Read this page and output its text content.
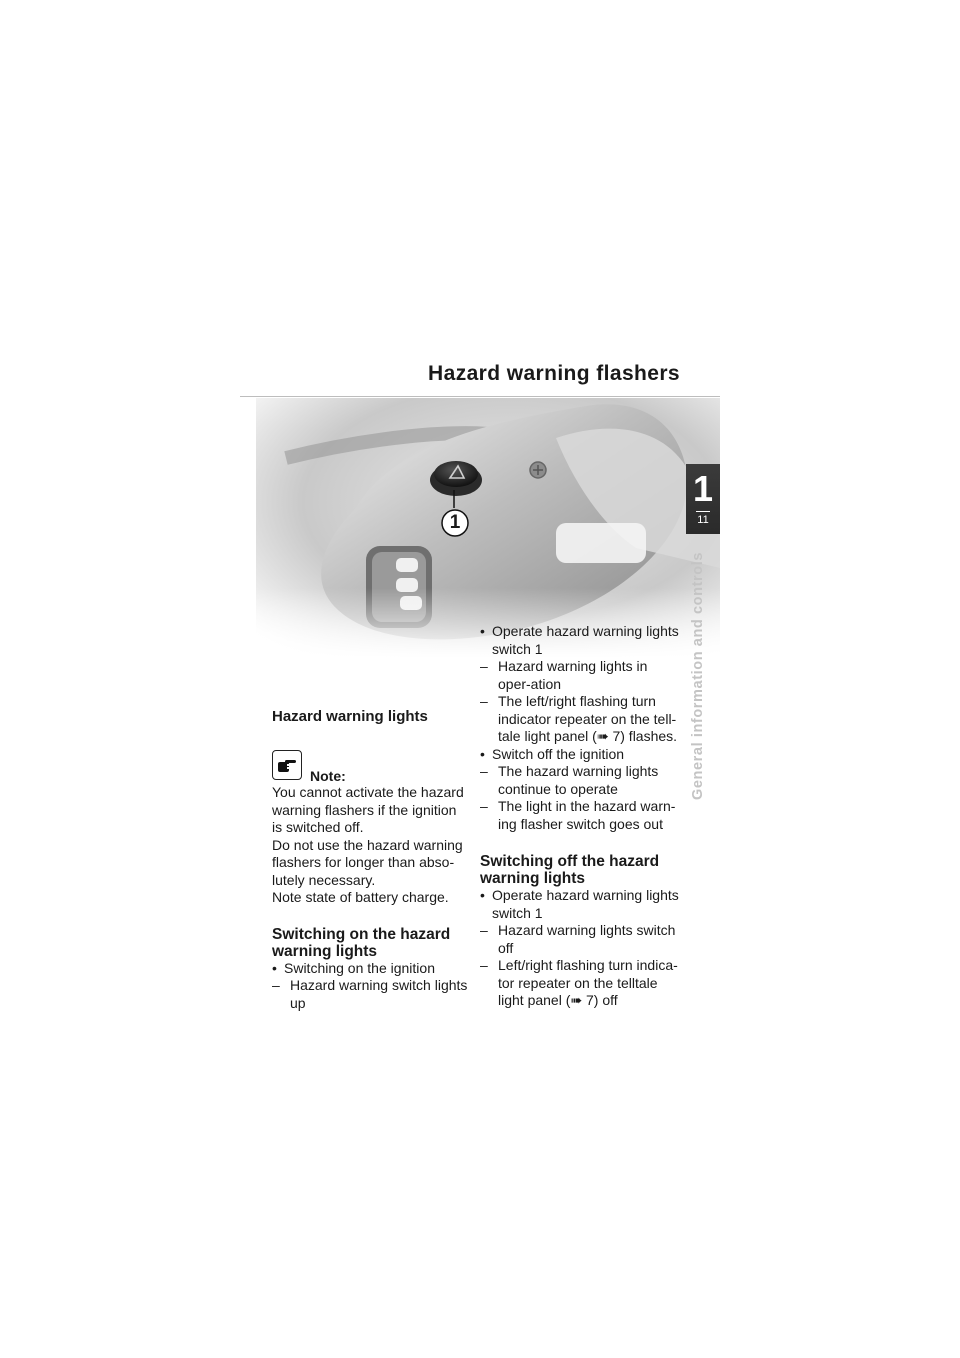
Hazard warning flashers
1
1
11
General information and controls
Hazard warning lights
Note:

You cannot activate the hazard warning flashers if the ignition is switched off.

Do not use the hazard warning flashers for longer than abso-lutely necessary.

Note state of battery charge.

Switching on the hazard warning lights
• Switching on the ignition
– Hazard warning switch lights up
• Operate hazard warning lights switch 1
– Hazard warning lights in oper-ation
– The left/right flashing turn indicator repeater on the tell-tale light panel (➠ 7) flashes.
• Switch off the ignition
– The hazard warning lights continue to operate
– The light in the hazard warn-ing flasher switch goes out
Switching off the hazard warning lights
• Operate hazard warning lights switch 1
– Hazard warning lights switch off
– Left/right flashing turn indica-tor repeater on the telltale light panel (➠ 7) off
